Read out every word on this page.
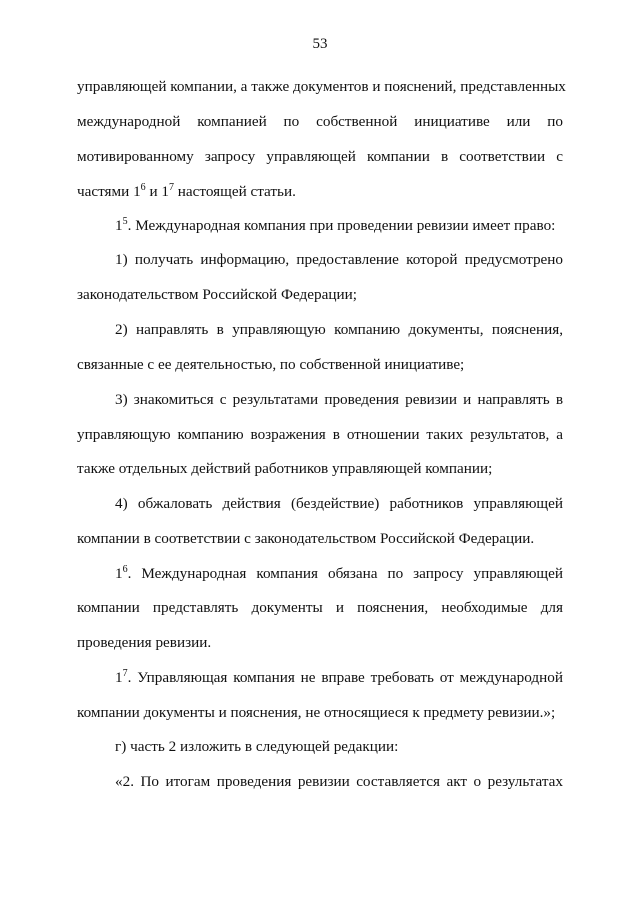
53
управляющей компании, а также документов и пояснений, представленных
международной компанией по собственной инициативе или по
мотивированному запросу управляющей компании в соответствии с
частями $1^6$ и $1^7$ настоящей статьи.
$1^5$. Международная компания при проведении ревизии имеет право:
1) получать информацию, предоставление которой предусмотрено
законодательством Российской Федерации;
2) направлять в управляющую компанию документы, пояснения,
связанные с ее деятельностью, по собственной инициативе;
3) знакомиться с результатами проведения ревизии и направлять в
управляющую компанию возражения в отношении таких результатов, а
также отдельных действий работников управляющей компании;
4) обжаловать действия (бездействие) работников управляющей
компании в соответствии с законодательством Российской Федерации.
$1^6$. Международная компания обязана по запросу управляющей
компании представлять документы и пояснения, необходимые для
проведения ревизии.
$1^7$. Управляющая компания не вправе требовать от международной
компании документы и пояснения, не относящиеся к предмету ревизии.»;
г) часть 2 изложить в следующей редакции:
«2. По итогам проведения ревизии составляется акт о результатах
